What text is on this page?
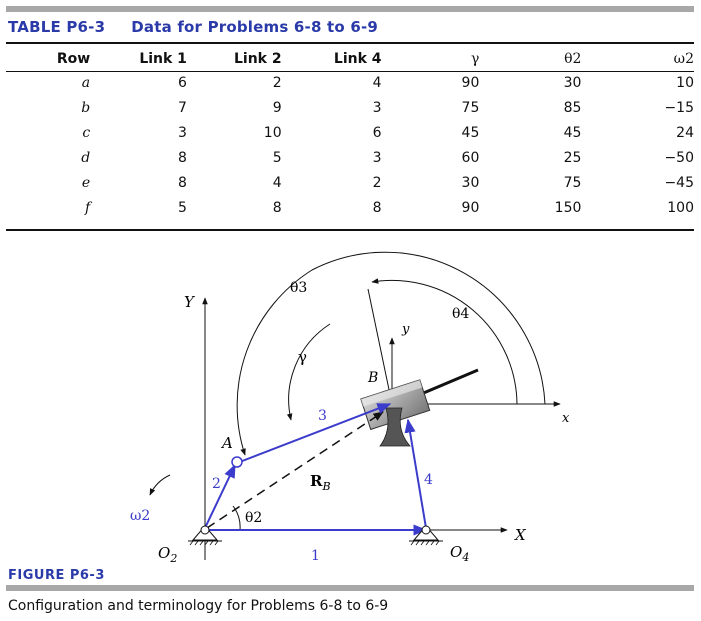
TABLE P6-3 Data for Problems 6-8 to 6-9
Row	Link 1	Link 2	Link 4	γ	θ2	ω2
a	6	2	4	90	30	10
b	7	9	3	75	85	−15
c	3	10	6	45	45	24
d	8	5	3	60	25	−50
e	8	4	2	30	75	−45
f	5	8	8	90	150	100
Y
X
x
y
θ3
θ4
γ
$R_B$
θ2
1
2
3
4
A
B
$O_2$	$O_4$
ω2
FIGURE P6-3
Configuration and terminology for Problems 6-8 to 6-9
